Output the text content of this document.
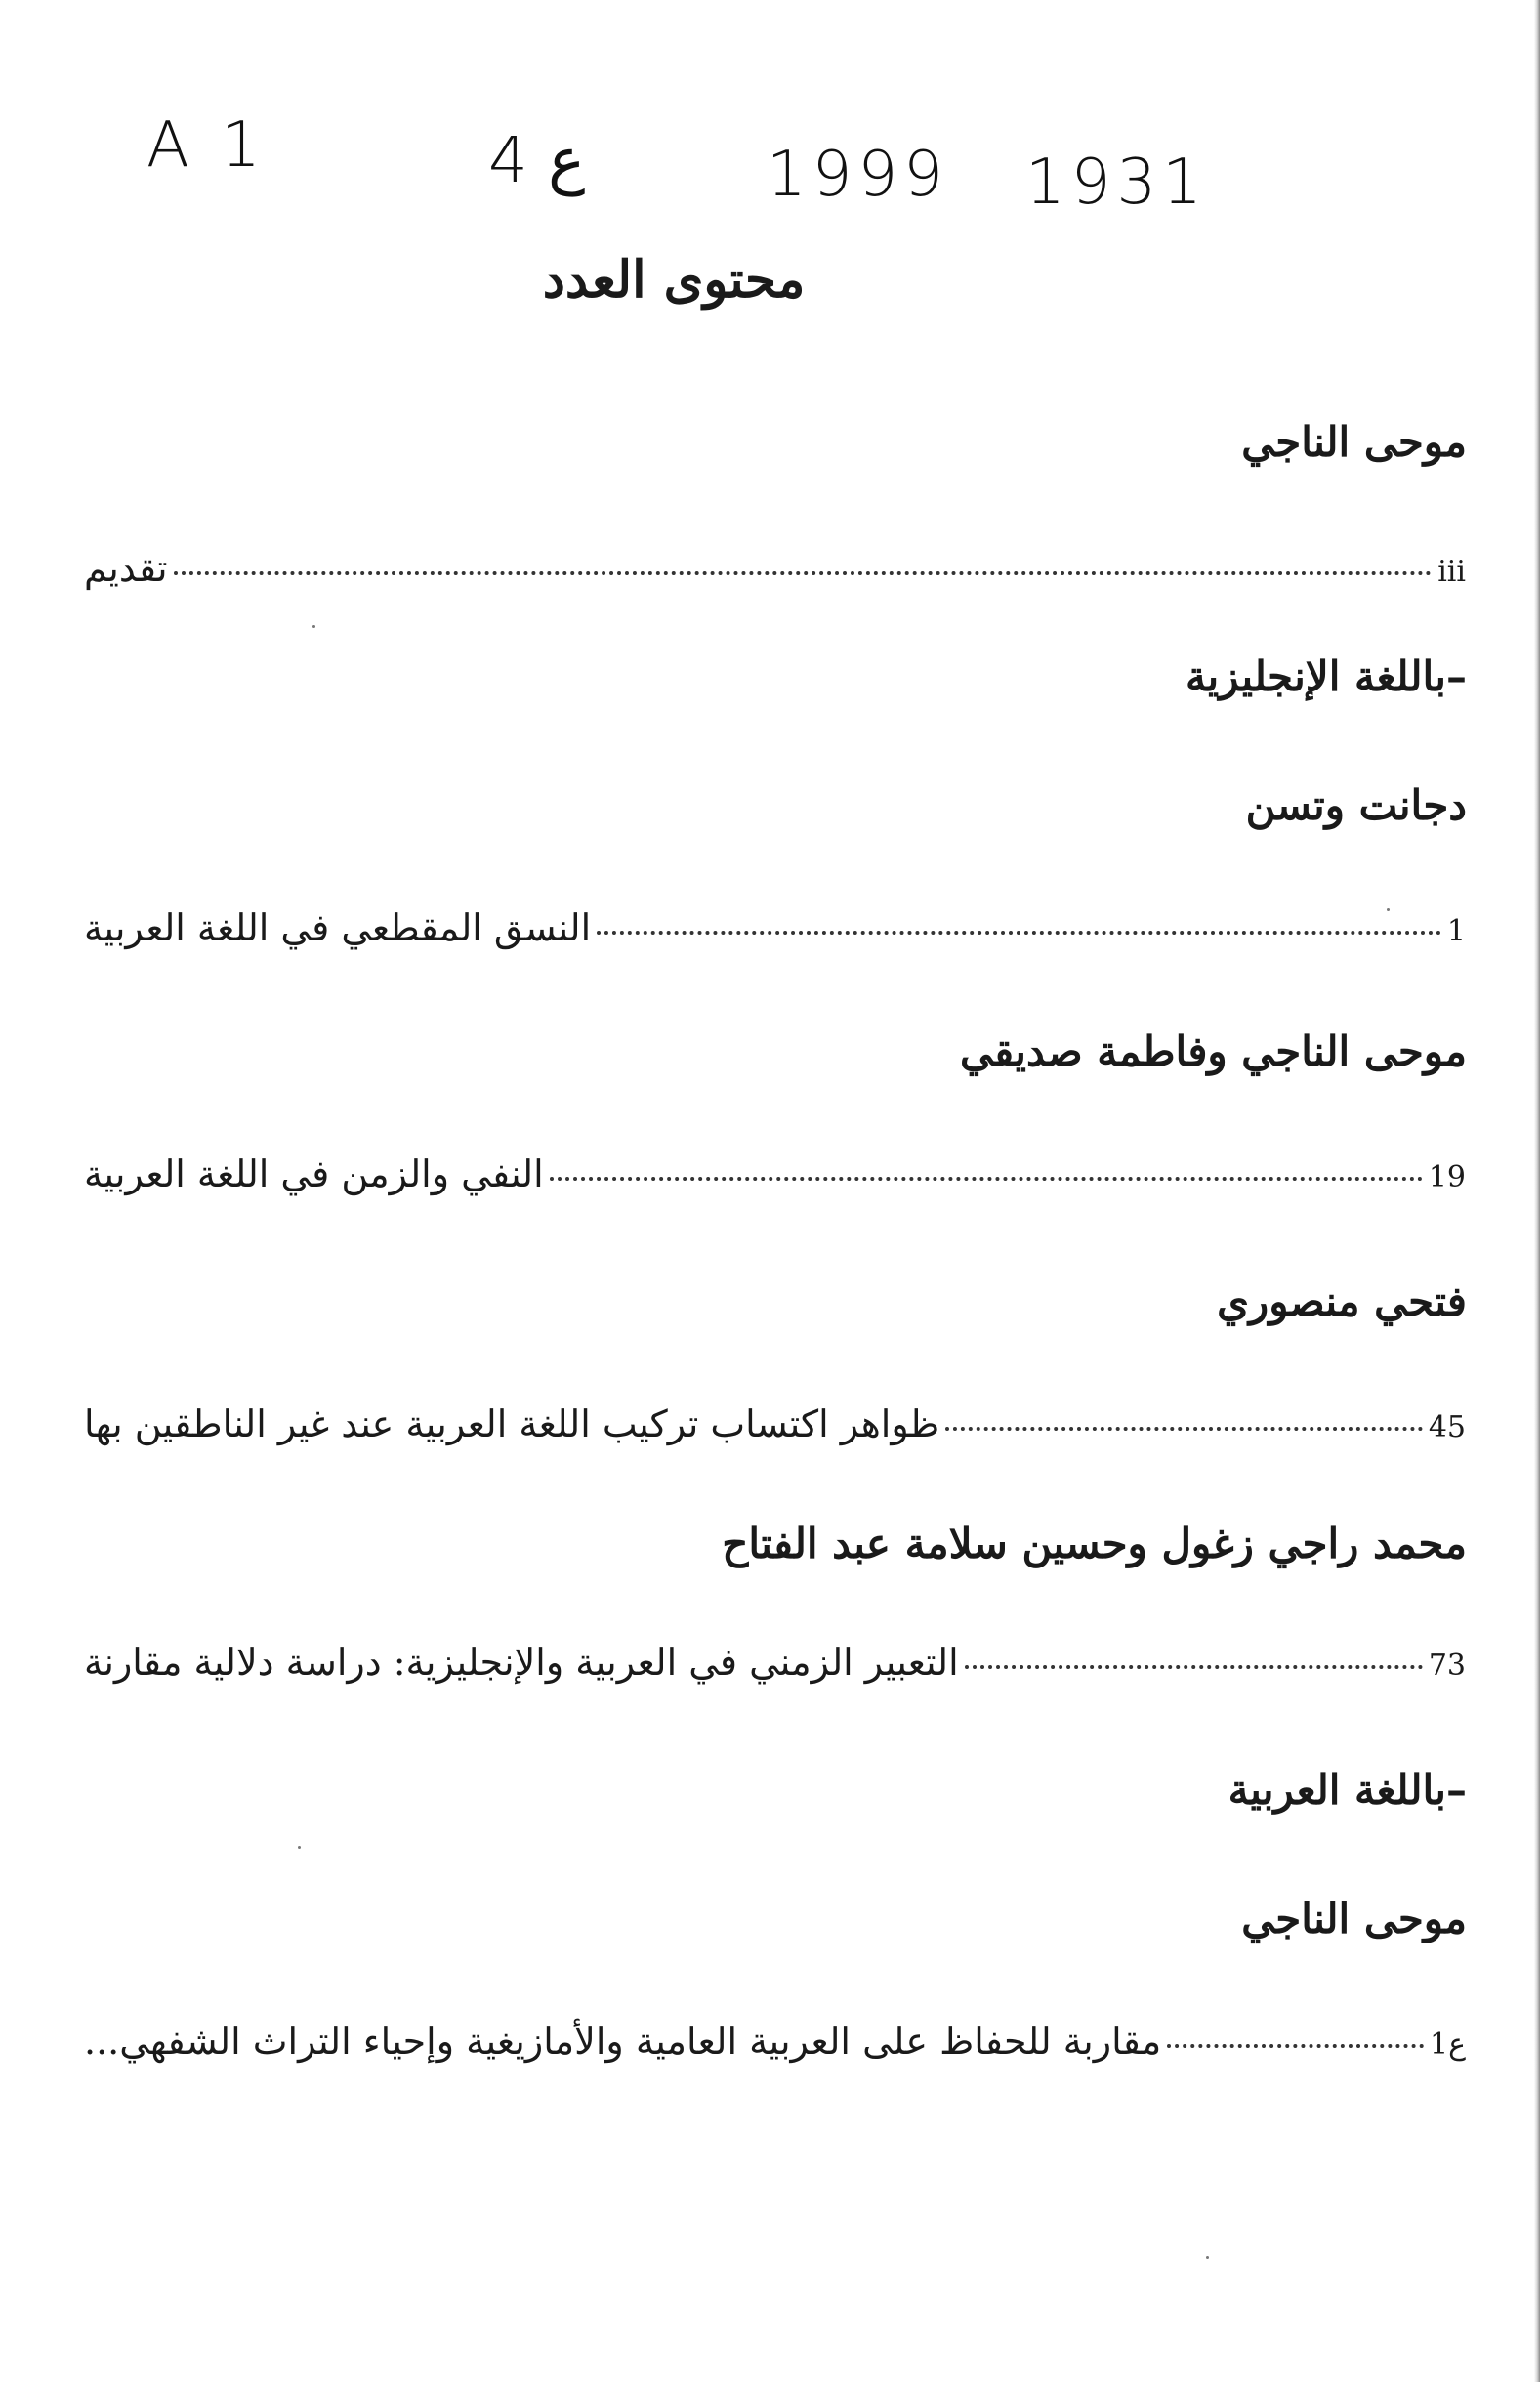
A 1	4 ع	1999 1931
محتوى العدد
موحى الناجي
تقديم	iii
–باللغة الإنجليزية
دجانت وتسن
النسق المقطعي في اللغة العربية	1
موحى الناجي وفاطمة صديقي
النفي والزمن في اللغة العربية	19
فتحي منصوري
ظواهر اكتساب تركيب اللغة العربية عند غير الناطقين بها	45
محمد راجي زغول وحسين سلامة عبد الفتاح
التعبير الزمني في العربية والإنجليزية: دراسة دلالية مقارنة	73
–باللغة العربية
موحى الناجي
مقاربة للحفاظ على العربية العامية والأمازيغية وإحياء التراث الشفهي...	ع1
